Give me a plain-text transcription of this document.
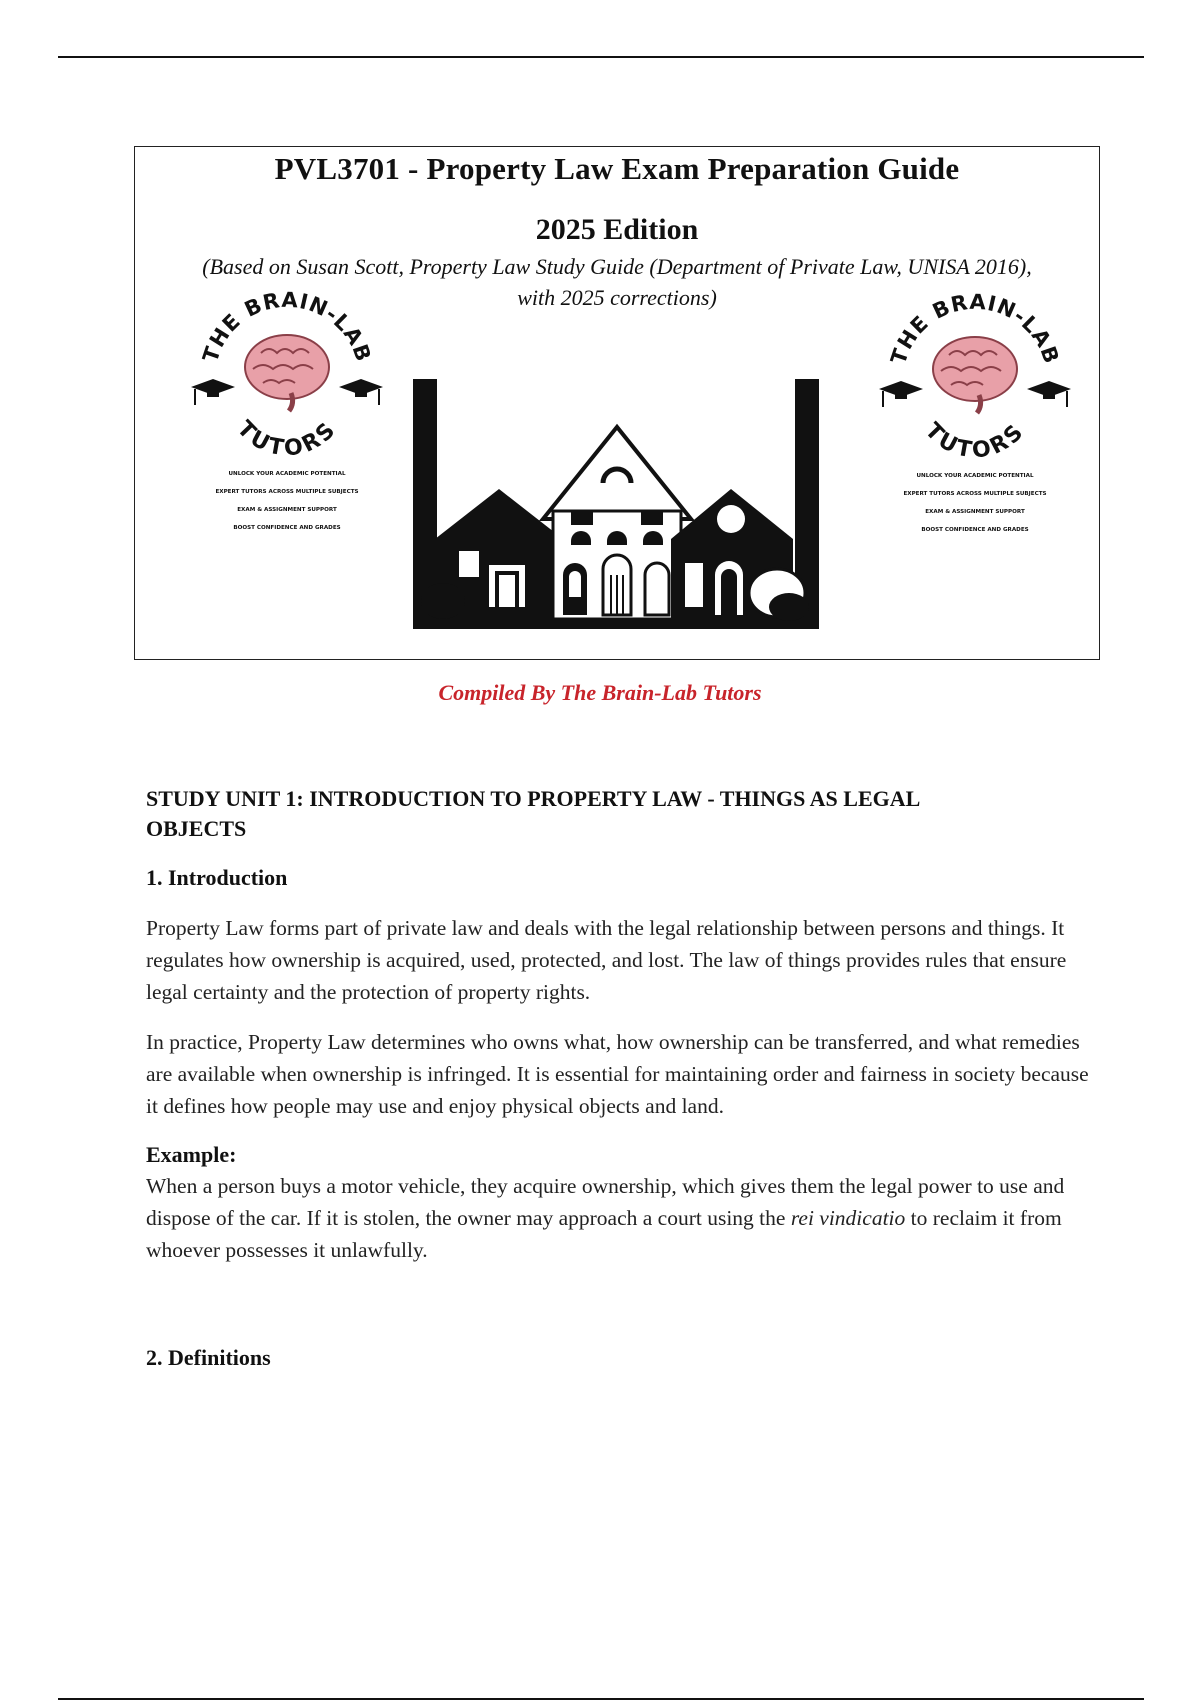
PVL3701 - Property Law Exam Preparation Guide
2025 Edition
(Based on Susan Scott, Property Law Study Guide (Department of Private Law, UNISA 2016),
with 2025 corrections)
THE BRAIN-LAB
TUTORS
UNLOCK YOUR ACADEMIC POTENTIAL
EXPERT TUTORS ACROSS MULTIPLE SUBJECTS
EXAM & ASSIGNMENT SUPPORT
BOOST CONFIDENCE AND GRADES
THE BRAIN-LAB
TUTORS
UNLOCK YOUR ACADEMIC POTENTIAL
EXPERT TUTORS ACROSS MULTIPLE SUBJECTS
EXAM & ASSIGNMENT SUPPORT
BOOST CONFIDENCE AND GRADES
Compiled By The Brain-Lab Tutors
STUDY UNIT 1: INTRODUCTION TO PROPERTY LAW - THINGS AS LEGAL
OBJECTS
1. Introduction

Property Law forms part of private law and deals with the legal relationship between persons and things. It regulates how ownership is acquired, used, protected, and lost. The law of things provides rules that ensure legal certainty and the protection of property rights.

In practice, Property Law determines who owns what, how ownership can be transferred, and what remedies are available when ownership is infringed. It is essential for maintaining order and fairness in society because it defines how people may use and enjoy physical objects and land.

Example:

When a person buys a motor vehicle, they acquire ownership, which gives them the legal power to use and dispose of the car. If it is stolen, the owner may approach a court using the rei vindicatio to reclaim it from whoever possesses it unlawfully.

2. Definitions
